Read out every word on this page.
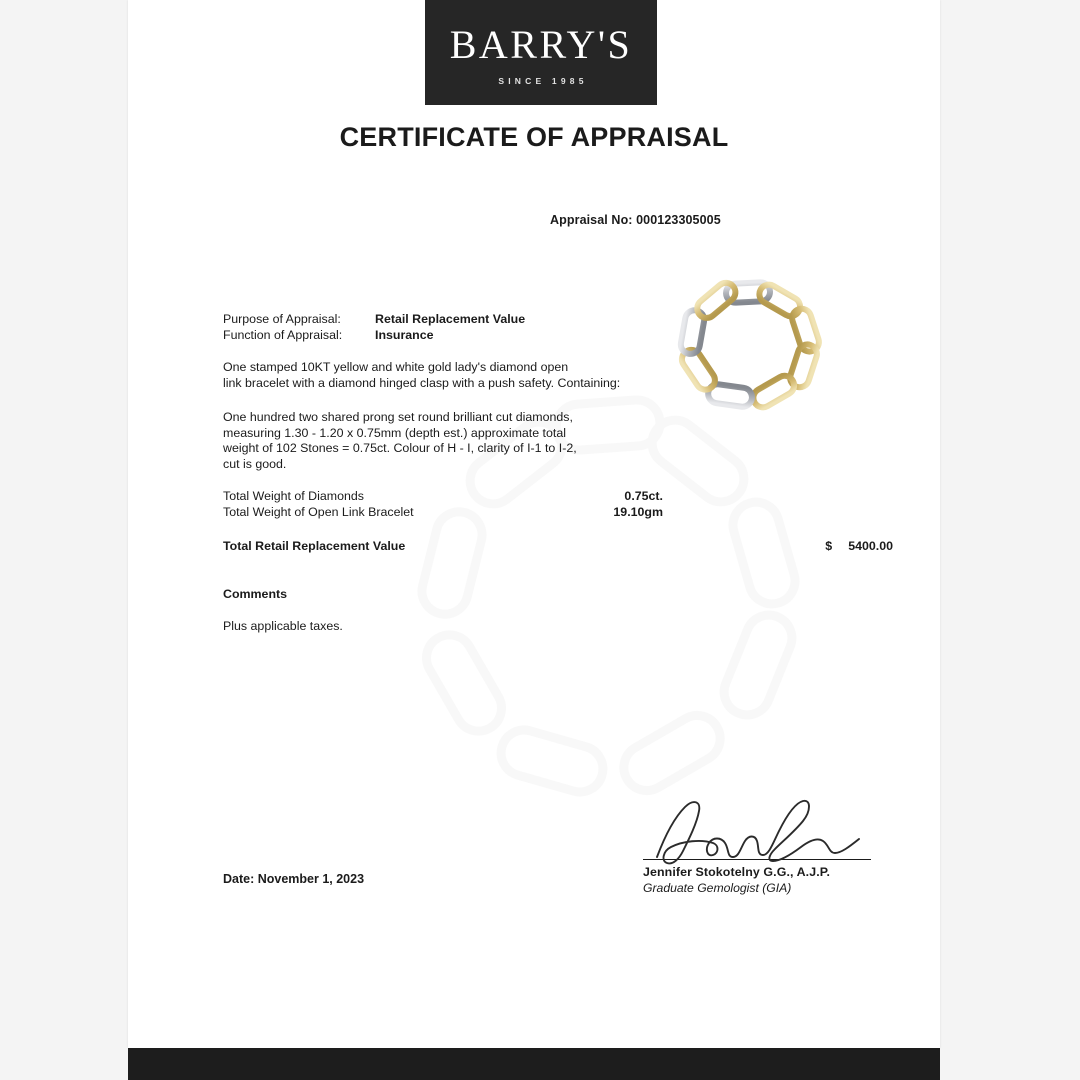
BARRY'S
SINCE 1985
CERTIFICATE OF APPRAISAL
Appraisal No: 000123305005
Purpose of Appraisal:	Retail Replacement Value
Function of Appraisal:	Insurance
One stamped 10KT yellow and white gold lady's diamond open
link bracelet with a diamond hinged clasp with a push safety. Containing:
One hundred two shared prong set round brilliant cut diamonds,
measuring 1.30 - 1.20 x 0.75mm (depth est.) approximate total
weight of 102 Stones = 0.75ct. Colour of H - I, clarity of I-1 to I-2,
cut is good.
Total Weight of Diamonds	0.75ct.
Total Weight of Open Link Bracelet	19.10gm
Total Retail Replacement Value	$ 5400.00
Comments
Plus applicable taxes.
Jennifer Stokotelny G.G., A.J.P.
Graduate Gemologist (GIA)
Date: November 1, 2023
